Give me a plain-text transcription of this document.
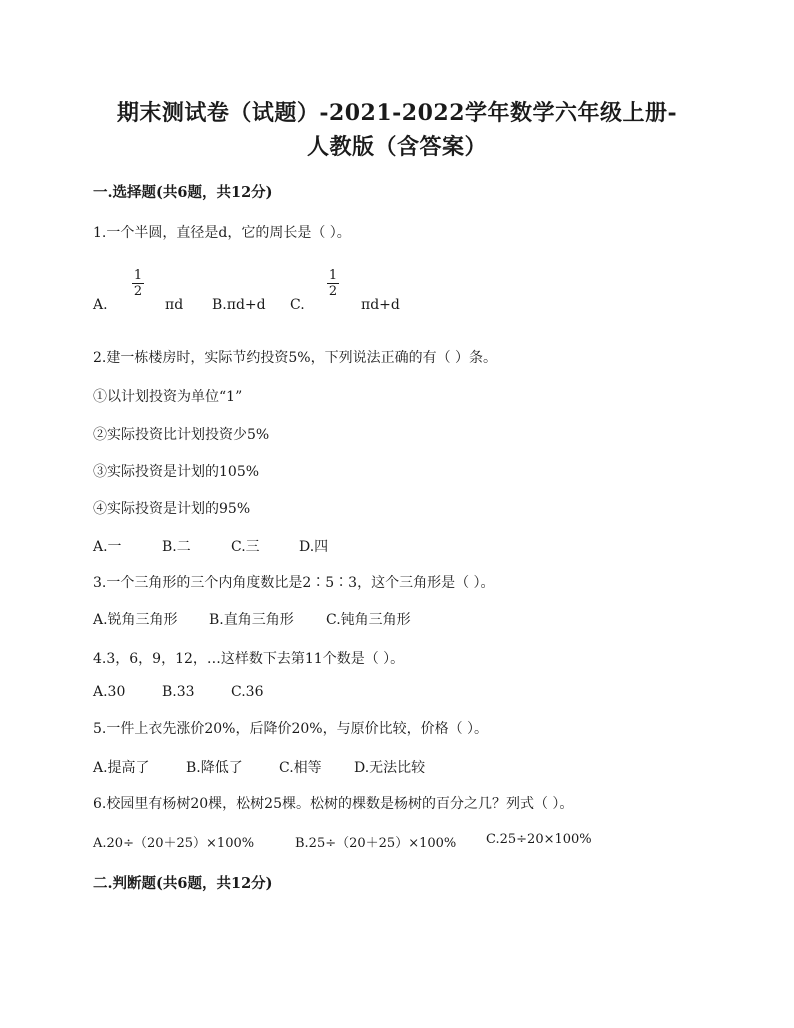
期末测试卷（试题）-2021-2022学年数学六年级上册-
人教版（含答案）
一.选择题(共6题，共12分)
1.一个半圆，直径是d，它的周长是（ ）。
A.
1
2
πd B.πd+d C.
1
2
πd+d
2.建一栋楼房时，实际节约投资5%，下列说法正确的有（ ）条。
①以计划投资为单位“1”
②实际投资比计划投资少5%
③实际投资是计划的105%
④实际投资是计划的95%
A.一	B.二	C.三	D.四
3.一个三角形的三个内角度数比是2∶5∶3，这个三角形是（ ）。
A.锐角三角形 B.直角三角形 C.钝角三角形
4.3，6，9，12，…这样数下去第11个数是（ ）。
A.30	B.33	C.36
5.一件上衣先涨价20%，后降价20%，与原价比较，价格（ ）。
A.提高了	B.降低了	C.相等 D.无法比较
6.校园里有杨树20棵，松树25棵。松树的棵数是杨树的百分之几？列式（ ）。
A.20÷（20＋25）×100%	B.25÷（20＋25）×100% C.25÷20×100%
二.判断题(共6题，共12分)
